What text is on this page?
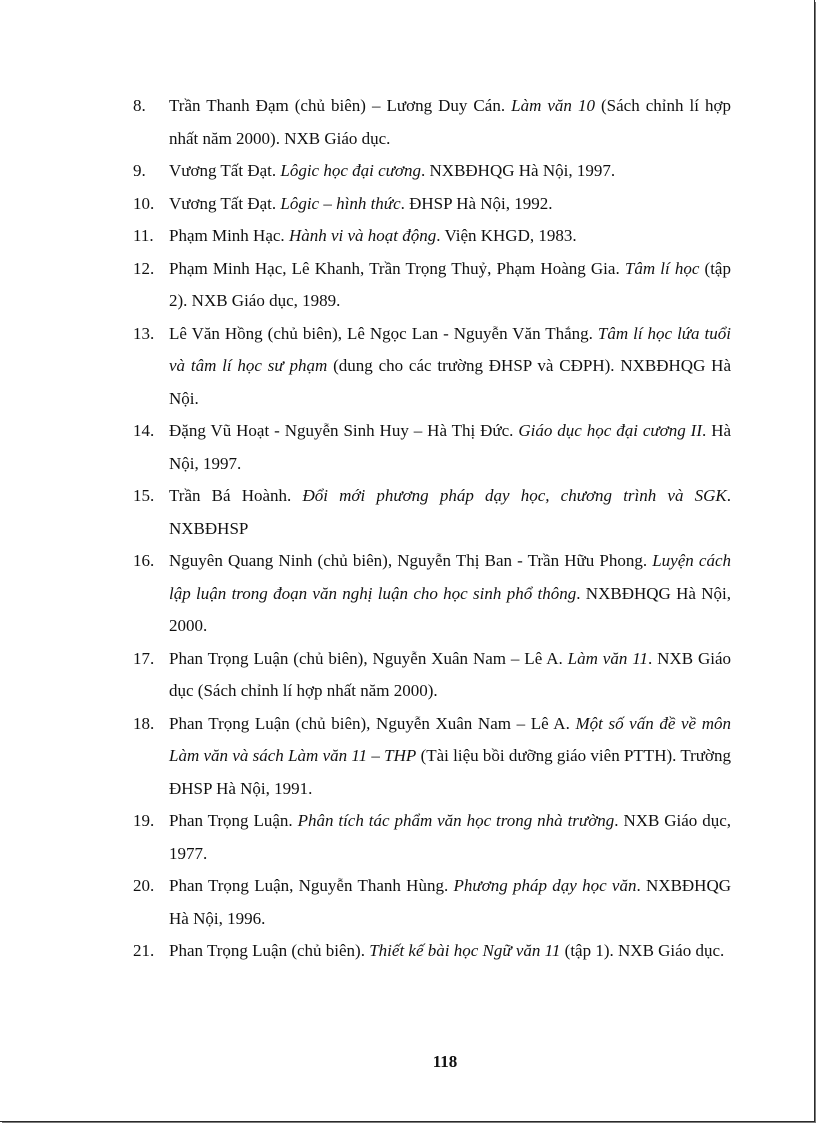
8. Trần Thanh Đạm (chủ biên) – Lương Duy Cán. Làm văn 10 (Sách chỉnh lí hợp nhất năm 2000). NXB Giáo dục.
9. Vương Tất Đạt. Lôgic học đại cương. NXBĐHQG Hà Nội, 1997.
10. Vương Tất Đạt. Lôgic – hình thức. ĐHSP Hà Nội, 1992.
11. Phạm Minh Hạc. Hành vi và hoạt động. Viện KHGD, 1983.
12. Phạm Minh Hạc, Lê Khanh, Trần Trọng Thuỷ, Phạm Hoàng Gia. Tâm lí học (tập 2). NXB Giáo dục, 1989.
13. Lê Văn Hồng (chủ biên), Lê Ngọc Lan - Nguyễn Văn Thắng. Tâm lí học lứa tuổi và tâm lí học sư phạm (dung cho các trường ĐHSP và CĐPH). NXBĐHQG Hà Nội.
14. Đặng Vũ Hoạt - Nguyễn Sinh Huy – Hà Thị Đức. Giáo dục học đại cương II. Hà Nội, 1997.
15. Trần Bá Hoành. Đổi mới phương pháp dạy học, chương trình và SGK. NXBĐHSP
16. Nguyên Quang Ninh (chủ biên), Nguyễn Thị Ban - Trần Hữu Phong. Luyện cách lập luận trong đoạn văn nghị luận cho học sinh phổ thông. NXBĐHQG Hà Nội, 2000.
17. Phan Trọng Luận (chủ biên), Nguyễn Xuân Nam – Lê A. Làm văn 11. NXB Giáo dục (Sách chỉnh lí hợp nhất năm 2000).
18. Phan Trọng Luận (chủ biên), Nguyễn Xuân Nam – Lê A. Một số vấn đề về môn Làm văn và sách Làm văn 11 – THP (Tài liệu bồi dưỡng giáo viên PTTH). Trường ĐHSP Hà Nội, 1991.
19. Phan Trọng Luận. Phân tích tác phẩm văn học trong nhà trường. NXB Giáo dục, 1977.
20. Phan Trọng Luận, Nguyễn Thanh Hùng. Phương pháp dạy học văn. NXBĐHQG Hà Nội, 1996.
21. Phan Trọng Luận (chủ biên). Thiết kế bài học Ngữ văn 11 (tập 1). NXB Giáo dục.
118
